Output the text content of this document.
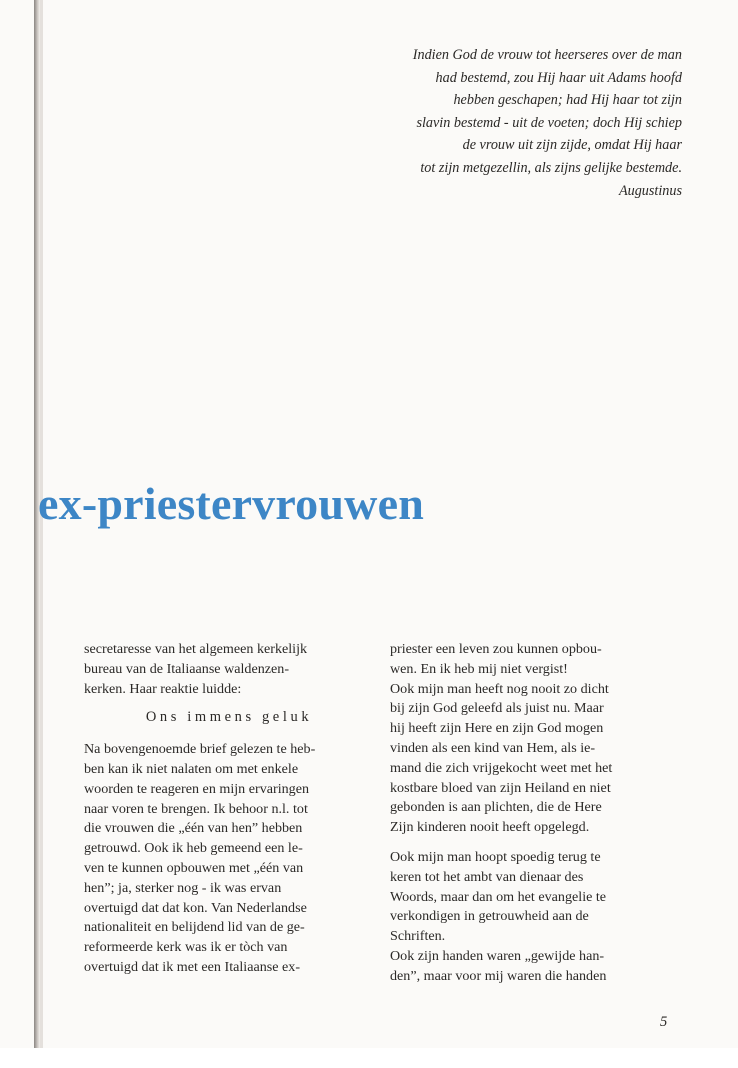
Indien God de vrouw tot heerseres over de man
had bestemd, zou Hij haar uit Adams hoofd
hebben geschapen; had Hij haar tot zijn
slavin bestemd - uit de voeten; doch Hij schiep
de vrouw uit zijn zijde, omdat Hij haar
tot zijn metgezellin, als zijns gelijke bestemde.
Augustinus
ex-priestervrouwen
secretaresse van het algemeen kerkelijk
bureau van de Italiaanse waldenzen-
kerken. Haar reaktie luidde:
Ons immens geluk
Na bovengenoemde brief gelezen te heb-
ben kan ik niet nalaten om met enkele
woorden te reageren en mijn ervaringen
naar voren te brengen. Ik behoor n.l. tot
die vrouwen die „één van hen” hebben
getrouwd. Ook ik heb gemeend een le-
ven te kunnen opbouwen met „één van
hen”; ja, sterker nog - ik was ervan
overtuigd dat dat kon. Van Nederlandse
nationaliteit en belijdend lid van de ge-
reformeerde kerk was ik er tòch van
overtuigd dat ik met een Italiaanse ex-
priester een leven zou kunnen opbou-
wen. En ik heb mij niet vergist!
Ook mijn man heeft nog nooit zo dicht
bij zijn God geleefd als juist nu. Maar
hij heeft zijn Here en zijn God mogen
vinden als een kind van Hem, als ie-
mand die zich vrijgekocht weet met het
kostbare bloed van zijn Heiland en niet
gebonden is aan plichten, die de Here
Zijn kinderen nooit heeft opgelegd.
Ook mijn man hoopt spoedig terug te
keren tot het ambt van dienaar des
Woords, maar dan om het evangelie te
verkondigen in getrouwheid aan de
Schriften.
Ook zijn handen waren „gewijde han-
den”, maar voor mij waren die handen
5
